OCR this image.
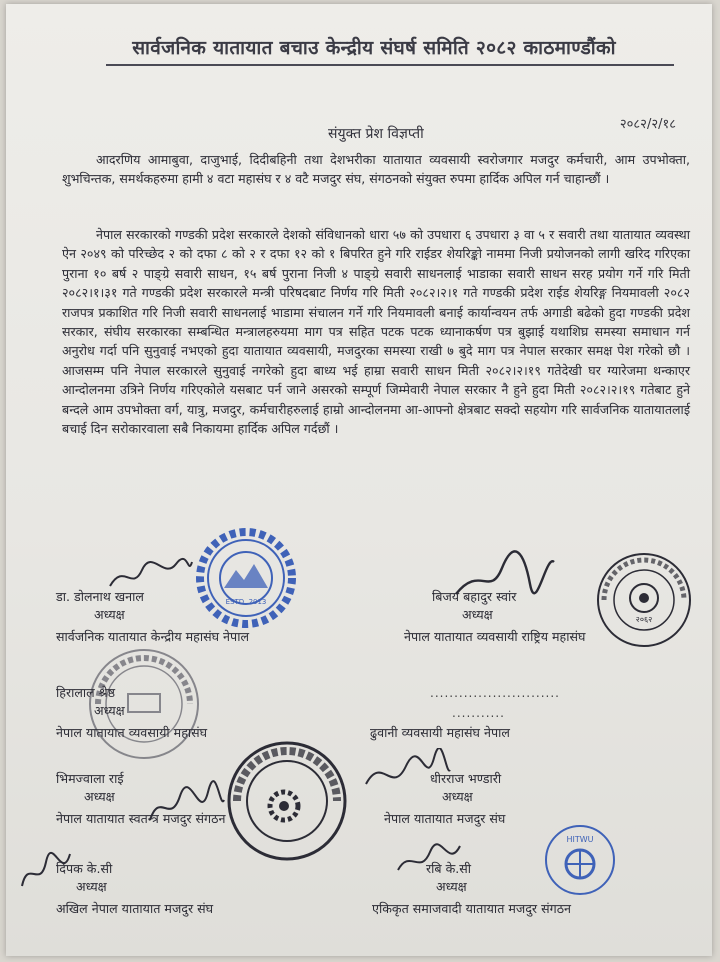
सार्वजनिक यातायात बचाउ केन्द्रीय संघर्ष समिति २०८२ काठमाण्डौंको
२०८२/२/१८
संयुक्त प्रेश विज्ञप्ती
आदरणिय आमाबुवा, दाजुभाई, दिदीबहिनी तथा देशभरीका यातायात व्यवसायी स्वरोजगार मजदुर कर्मचारी, आम उपभोक्ता, शुभचिन्तक, समर्थकहरुमा हामी ४ वटा महासंघ र ४ वटै मजदुर संघ, संगठनको संयुक्त रुपमा हार्दिक अपिल गर्न चाहान्छौं ।
नेपाल सरकारको गण्डकी प्रदेश सरकारले देशको संविधानको धारा ५७ को उपधारा ६ उपधारा ३ वा ५ र सवारी तथा यातायात व्यवस्था ऐन २०४९ को परिच्छेद २ को दफा ८ को २ र दफा १२ को १ बिपरित हुने गरि राईडर शेयरिङ्को नाममा निजी प्रयोजनको लागी खरिद गरिएका पुराना १० बर्ष २ पाङ्ग्रे सवारी साधन, १५ बर्ष पुराना निजी ४ पाङ्ग्रे सवारी साधनलाई भाडाका सवारी साधन सरह प्रयोग गर्ने गरि मिती २०८२।१।३१ गते गण्डकी प्रदेश सरकारले मन्त्री परिषदबाट निर्णय गरि मिती २०८२।२।१ गते गण्डकी प्रदेश राईड शेयरिङ्ग नियमावली २०८२ राजपत्र प्रकाशित गरि निजी सवारी साधनलाई भाडामा संचालन गर्ने गरि नियमावली बनाई कार्यान्वयन तर्फ अगाडी बढेको हुदा गण्डकी प्रदेश सरकार, संघीय सरकारका सम्बन्धित मन्त्रालहरुयमा माग पत्र सहित पटक पटक ध्यानाकर्षण पत्र बुझाई यथाशिघ्र समस्या समाधान गर्न अनुरोध गर्दा पनि सुनुवाई नभएको हुदा यातायात व्यवसायी, मजदुरका समस्या राखी ७ बुदे माग पत्र नेपाल सरकार समक्ष पेश गरेको छौ । आजसम्म पनि नेपाल सरकारले सुनुवाई नगरेको हुदा बाध्य भई हाम्रा सवारी साधन मिती २०८२।२।१९ गतेदेखी घर ग्यारेजमा थन्काएर आन्दोलनमा उत्रिने निर्णय गरिएकोले यसबाट पर्न जाने असरको सम्पूर्ण जिम्मेवारी नेपाल सरकार नै हुने हुदा मिती २०८२।२।१९ गतेबाट हुने बन्दले आम उपभोक्ता वर्ग, यात्रु, मजदुर, कर्मचारीहरुलाई हाम्रो आन्दोलनमा आ-आफ्नो क्षेत्रबाट सक्दो सहयोग गरि सार्वजनिक यातायातलाई बचाई दिन सरोकारवाला सबै निकायमा हार्दिक अपिल गर्दछौं ।
ESTD. 2013
२०६२
HITWU
डा. डोलनाथ खनाल
अध्यक्ष
सार्वजनिक यातायात केन्द्रीय महासंघ नेपाल
बिजय बहादुर स्वांर
अध्यक्ष
नेपाल यातायात व्यवसायी राष्ट्रिय महासंघ
हिरालाल श्रेष्ठ
अध्यक्ष
नेपाल यातायात व्यवसायी महासंघ
...........................
...........
ढुवानी व्यवसायी महासंघ नेपाल
भिमज्वाला राई
अध्यक्ष
नेपाल यातायात स्वतन्त्र मजदुर संगठन
धीरराज भण्डारी
अध्यक्ष
नेपाल यातायात मजदुर संघ
दिपक के.सी
अध्यक्ष
अखिल नेपाल यातायात मजदुर संघ
रबि के.सी
अध्यक्ष
एकिकृत समाजवादी यातायात मजदुर संगठन
